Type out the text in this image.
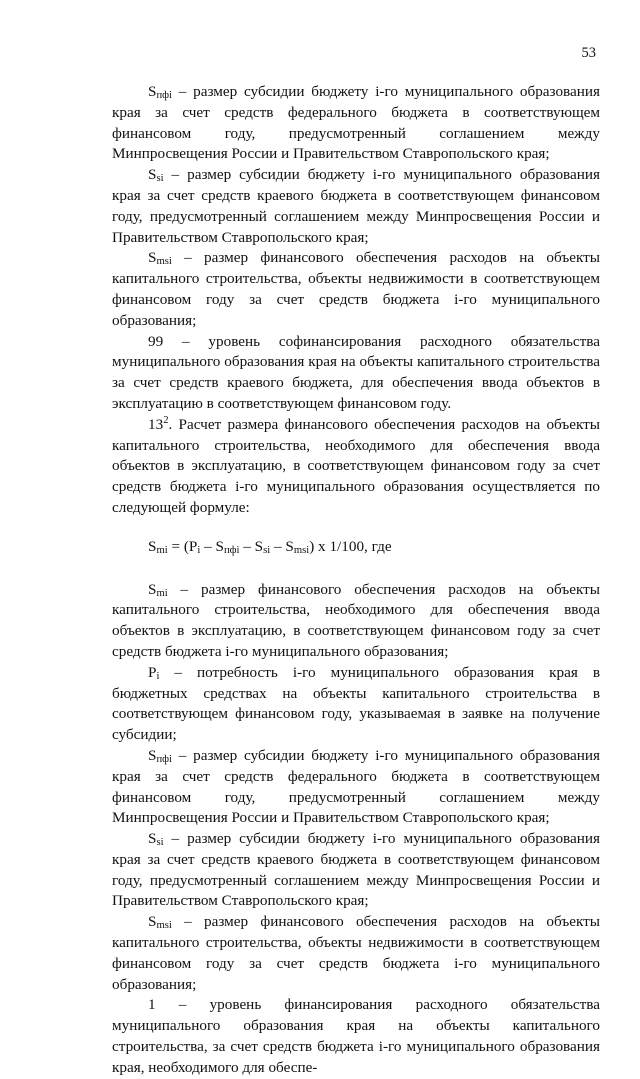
53

$S_{пфi}$ – размер субсидии бюджету i-го муниципального образования края за счет средств федерального бюджета в соответствующем финансовом году, предусмотренный соглашением между Минпросвещения России и Правительством Ставропольского края;

$S_{si}$ – размер субсидии бюджету i-го муниципального образования края за счет средств краевого бюджета в соответствующем финансовом году, предусмотренный соглашением между Минпросвещения России и Правительством Ставропольского края;

$S_{msi}$ – размер финансового обеспечения расходов на объекты капитального строительства, объекты недвижимости в соответствующем финансовом году за счет средств бюджета i-го муниципального образования;

99 – уровень софинансирования расходного обязательства муниципального образования края на объекты капитального строительства за счет средств краевого бюджета, для обеспечения ввода объектов в эксплуатацию в соответствующем финансовом году.

$13^2$. Расчет размера финансового обеспечения расходов на объекты капитального строительства, необходимого для обеспечения ввода объектов в эксплуатацию, в соответствующем финансовом году за счет средств бюджета i-го муниципального образования осуществляется по следующей формуле:

$S_{mi} = (P_i - S_{пфi} - S_{si} - S_{msi})$ x 1/100, где

$S_{mi}$ – размер финансового обеспечения расходов на объекты капитального строительства, необходимого для обеспечения ввода объектов в эксплуатацию, в соответствующем финансовом году за счет средств бюджета i-го муниципального образования;

$P_i$ – потребность i-го муниципального образования края в бюджетных средствах на объекты капитального строительства в соответствующем финансовом году, указываемая в заявке на получение субсидии;

$S_{пфi}$ – размер субсидии бюджету i-го муниципального образования края за счет средств федерального бюджета в соответствующем финансовом году, предусмотренный соглашением между Минпросвещения России и Правительством Ставропольского края;

$S_{si}$ – размер субсидии бюджету i-го муниципального образования края за счет средств краевого бюджета в соответствующем финансовом году, предусмотренный соглашением между Минпросвещения России и Правительством Ставропольского края;

$S_{msi}$ – размер финансового обеспечения расходов на объекты капитального строительства, объекты недвижимости в соответствующем финансовом году за счет средств бюджета i-го муниципального образования;

1 – уровень финансирования расходного обязательства муниципального образования края на объекты капитального строительства, за счет средств бюджета i-го муниципального образования края, необходимого для обеспе-
